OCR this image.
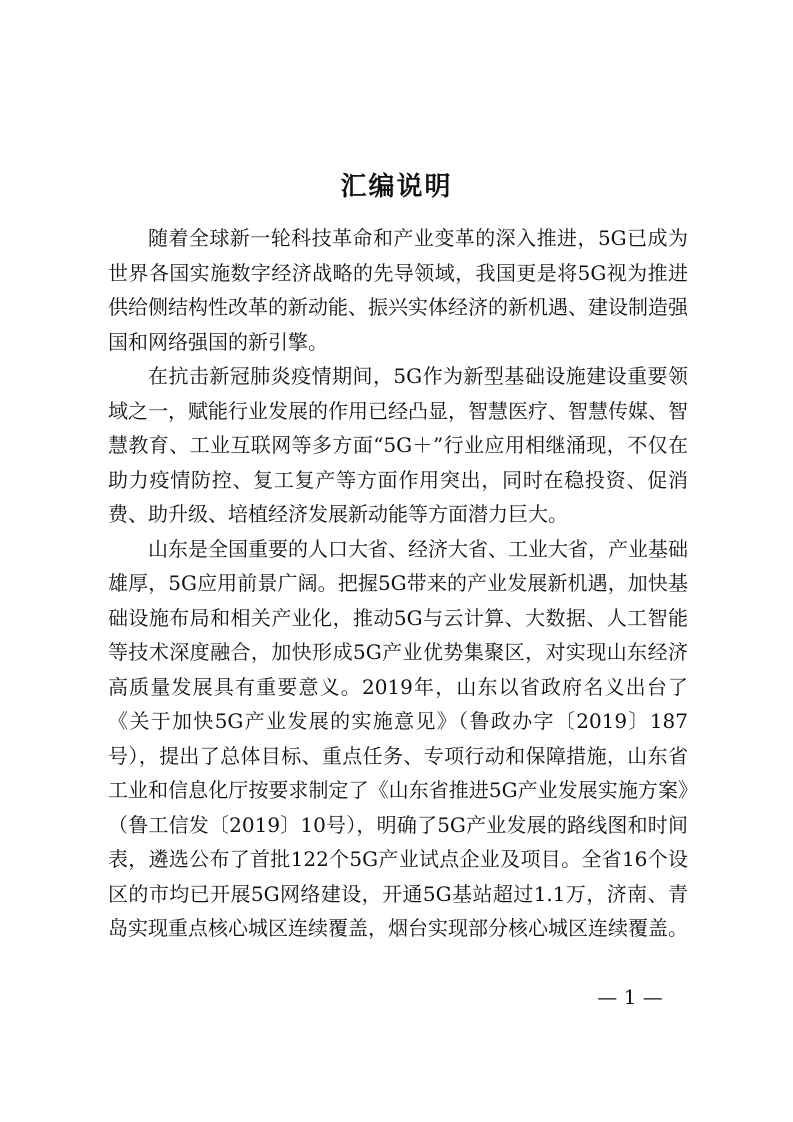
汇编说明

随着全球新一轮科技革命和产业变革的深入推进，5G已成为世界各国实施数字经济战略的先导领域，我国更是将5G视为推进供给侧结构性改革的新动能、振兴实体经济的新机遇、建设制造强国和网络强国的新引擎。

在抗击新冠肺炎疫情期间，5G作为新型基础设施建设重要领域之一，赋能行业发展的作用已经凸显，智慧医疗、智慧传媒、智慧教育、工业互联网等多方面“5G＋”行业应用相继涌现，不仅在助力疫情防控、复工复产等方面作用突出，同时在稳投资、促消费、助升级、培植经济发展新动能等方面潜力巨大。

山东是全国重要的人口大省、经济大省、工业大省，产业基础雄厚，5G应用前景广阔。把握5G带来的产业发展新机遇，加快基础设施布局和相关产业化，推动5G与云计算、大数据、人工智能等技术深度融合，加快形成5G产业优势集聚区，对实现山东经济高质量发展具有重要意义。2019年，山东以省政府名义出台了《关于加快5G产业发展的实施意见》（鲁政办字〔2019〕187号），提出了总体目标、重点任务、专项行动和保障措施，山东省工业和信息化厅按要求制定了《山东省推进5G产业发展实施方案》（鲁工信发〔2019〕10号），明确了5G产业发展的路线图和时间表，遴选公布了首批122个5G产业试点企业及项目。全省16个设区的市均已开展5G网络建设，开通5G基站超过1.1万，济南、青岛实现重点核心城区连续覆盖，烟台实现部分核心城区连续覆盖。

— 1 —
